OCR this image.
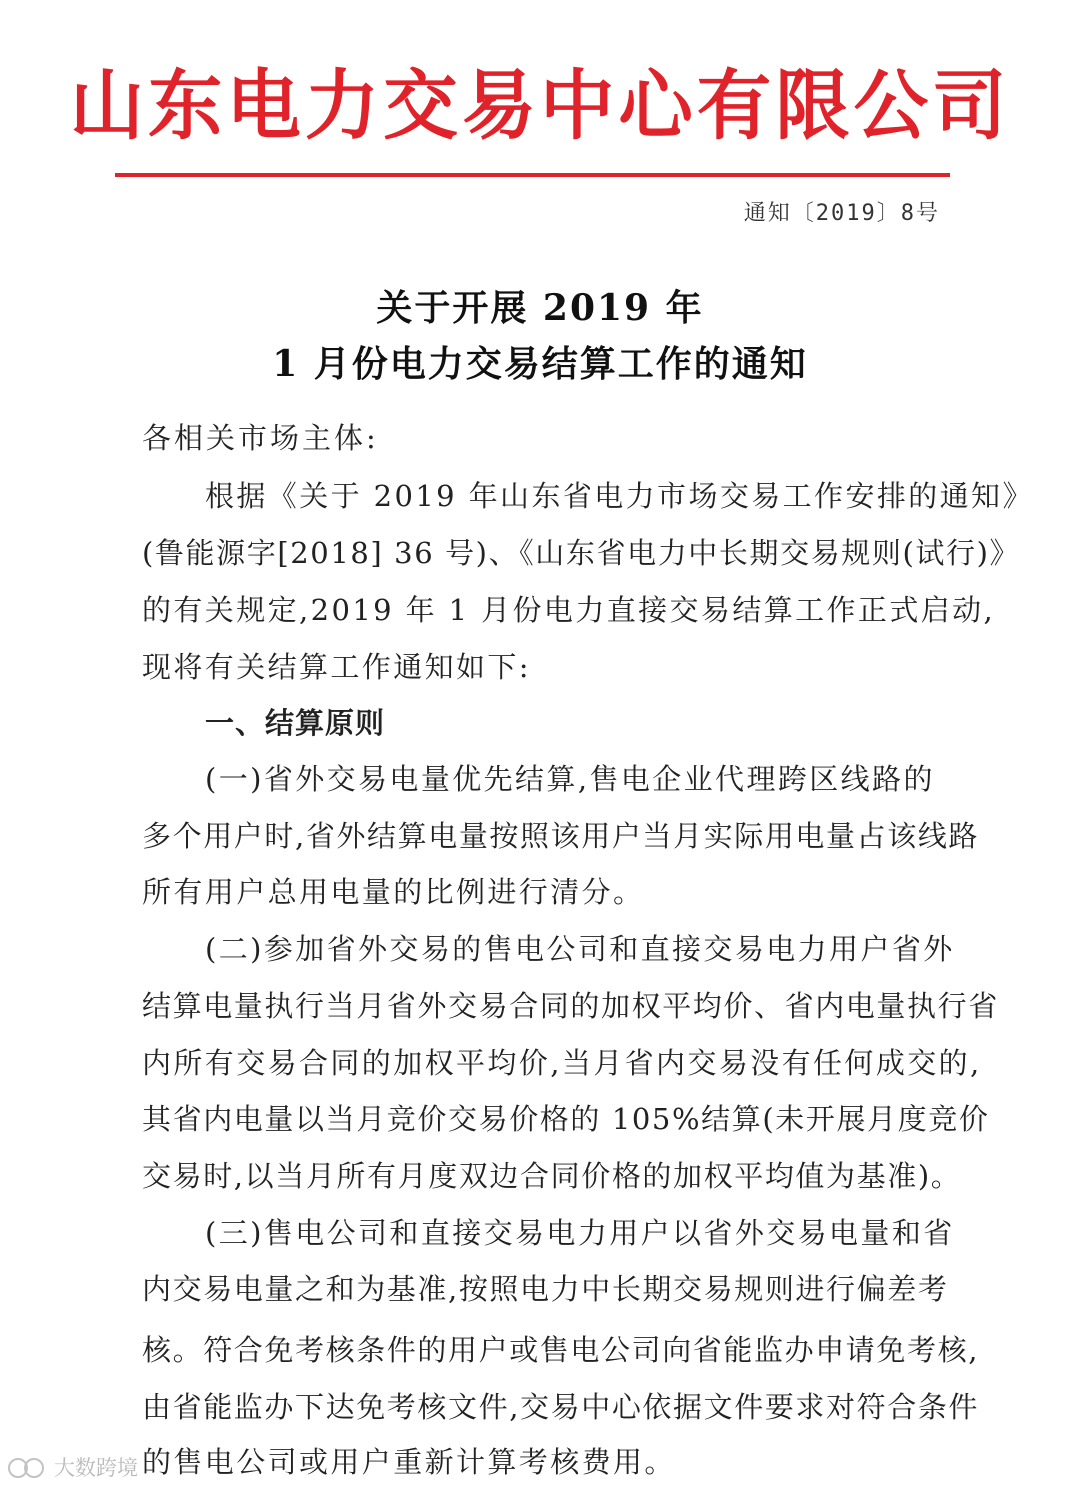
山东电力交易中心有限公司
通知〔2019〕8号
关于开展 2019 年
1 月份电力交易结算工作的通知
各相关市场主体:
根据《关于 2019 年山东省电力市场交易工作安排的通知》
(鲁能源字[2018] 36 号)、《山东省电力中长期交易规则(试行)》
的有关规定,2019 年 1 月份电力直接交易结算工作正式启动,
现将有关结算工作通知如下:
一、结算原则
(一)省外交易电量优先结算,售电企业代理跨区线路的
多个用户时,省外结算电量按照该用户当月实际用电量占该线路
所有用户总用电量的比例进行清分。
(二)参加省外交易的售电公司和直接交易电力用户省外
结算电量执行当月省外交易合同的加权平均价、省内电量执行省
内所有交易合同的加权平均价,当月省内交易没有任何成交的,
其省内电量以当月竞价交易价格的 105%结算(未开展月度竞价
交易时,以当月所有月度双边合同价格的加权平均值为基准)。
(三)售电公司和直接交易电力用户以省外交易电量和省
内交易电量之和为基准,按照电力中长期交易规则进行偏差考
核。符合免考核条件的用户或售电公司向省能监办申请免考核,
由省能监办下达免考核文件,交易中心依据文件要求对符合条件
的售电公司或用户重新计算考核费用。
大数跨境
